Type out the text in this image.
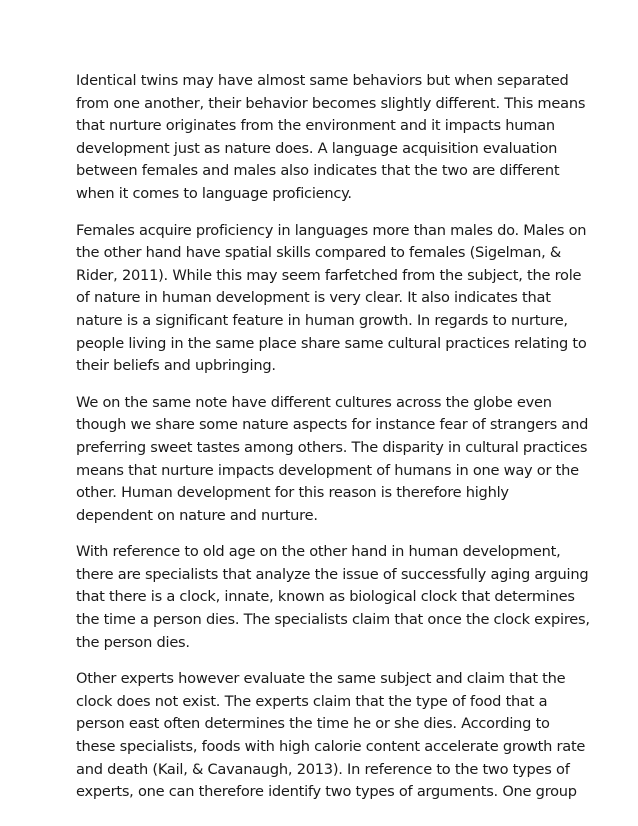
Identical twins may have almost same behaviors but when separated
from one another, their behavior becomes slightly different. This means
that nurture originates from the environment and it impacts human
development just as nature does. A language acquisition evaluation
between females and males also indicates that the two are different
when it comes to language proficiency.

Females acquire proficiency in languages more than males do. Males on
the other hand have spatial skills compared to females (Sigelman, &
Rider, 2011). While this may seem farfetched from the subject, the role
of nature in human development is very clear. It also indicates that
nature is a significant feature in human growth. In regards to nurture,
people living in the same place share same cultural practices relating to
their beliefs and upbringing.

We on the same note have different cultures across the globe even
though we share some nature aspects for instance fear of strangers and
preferring sweet tastes among others. The disparity in cultural practices
means that nurture impacts development of humans in one way or the
other. Human development for this reason is therefore highly
dependent on nature and nurture.

With reference to old age on the other hand in human development,
there are specialists that analyze the issue of successfully aging arguing
that there is a clock, innate, known as biological clock that determines
the time a person dies. The specialists claim that once the clock expires,
the person dies.

Other experts however evaluate the same subject and claim that the
clock does not exist. The experts claim that the type of food that a
person east often determines the time he or she dies. According to
these specialists, foods with high calorie content accelerate growth rate
and death (Kail, & Cavanaugh, 2013). In reference to the two types of
experts, one can therefore identify two types of arguments. One group
